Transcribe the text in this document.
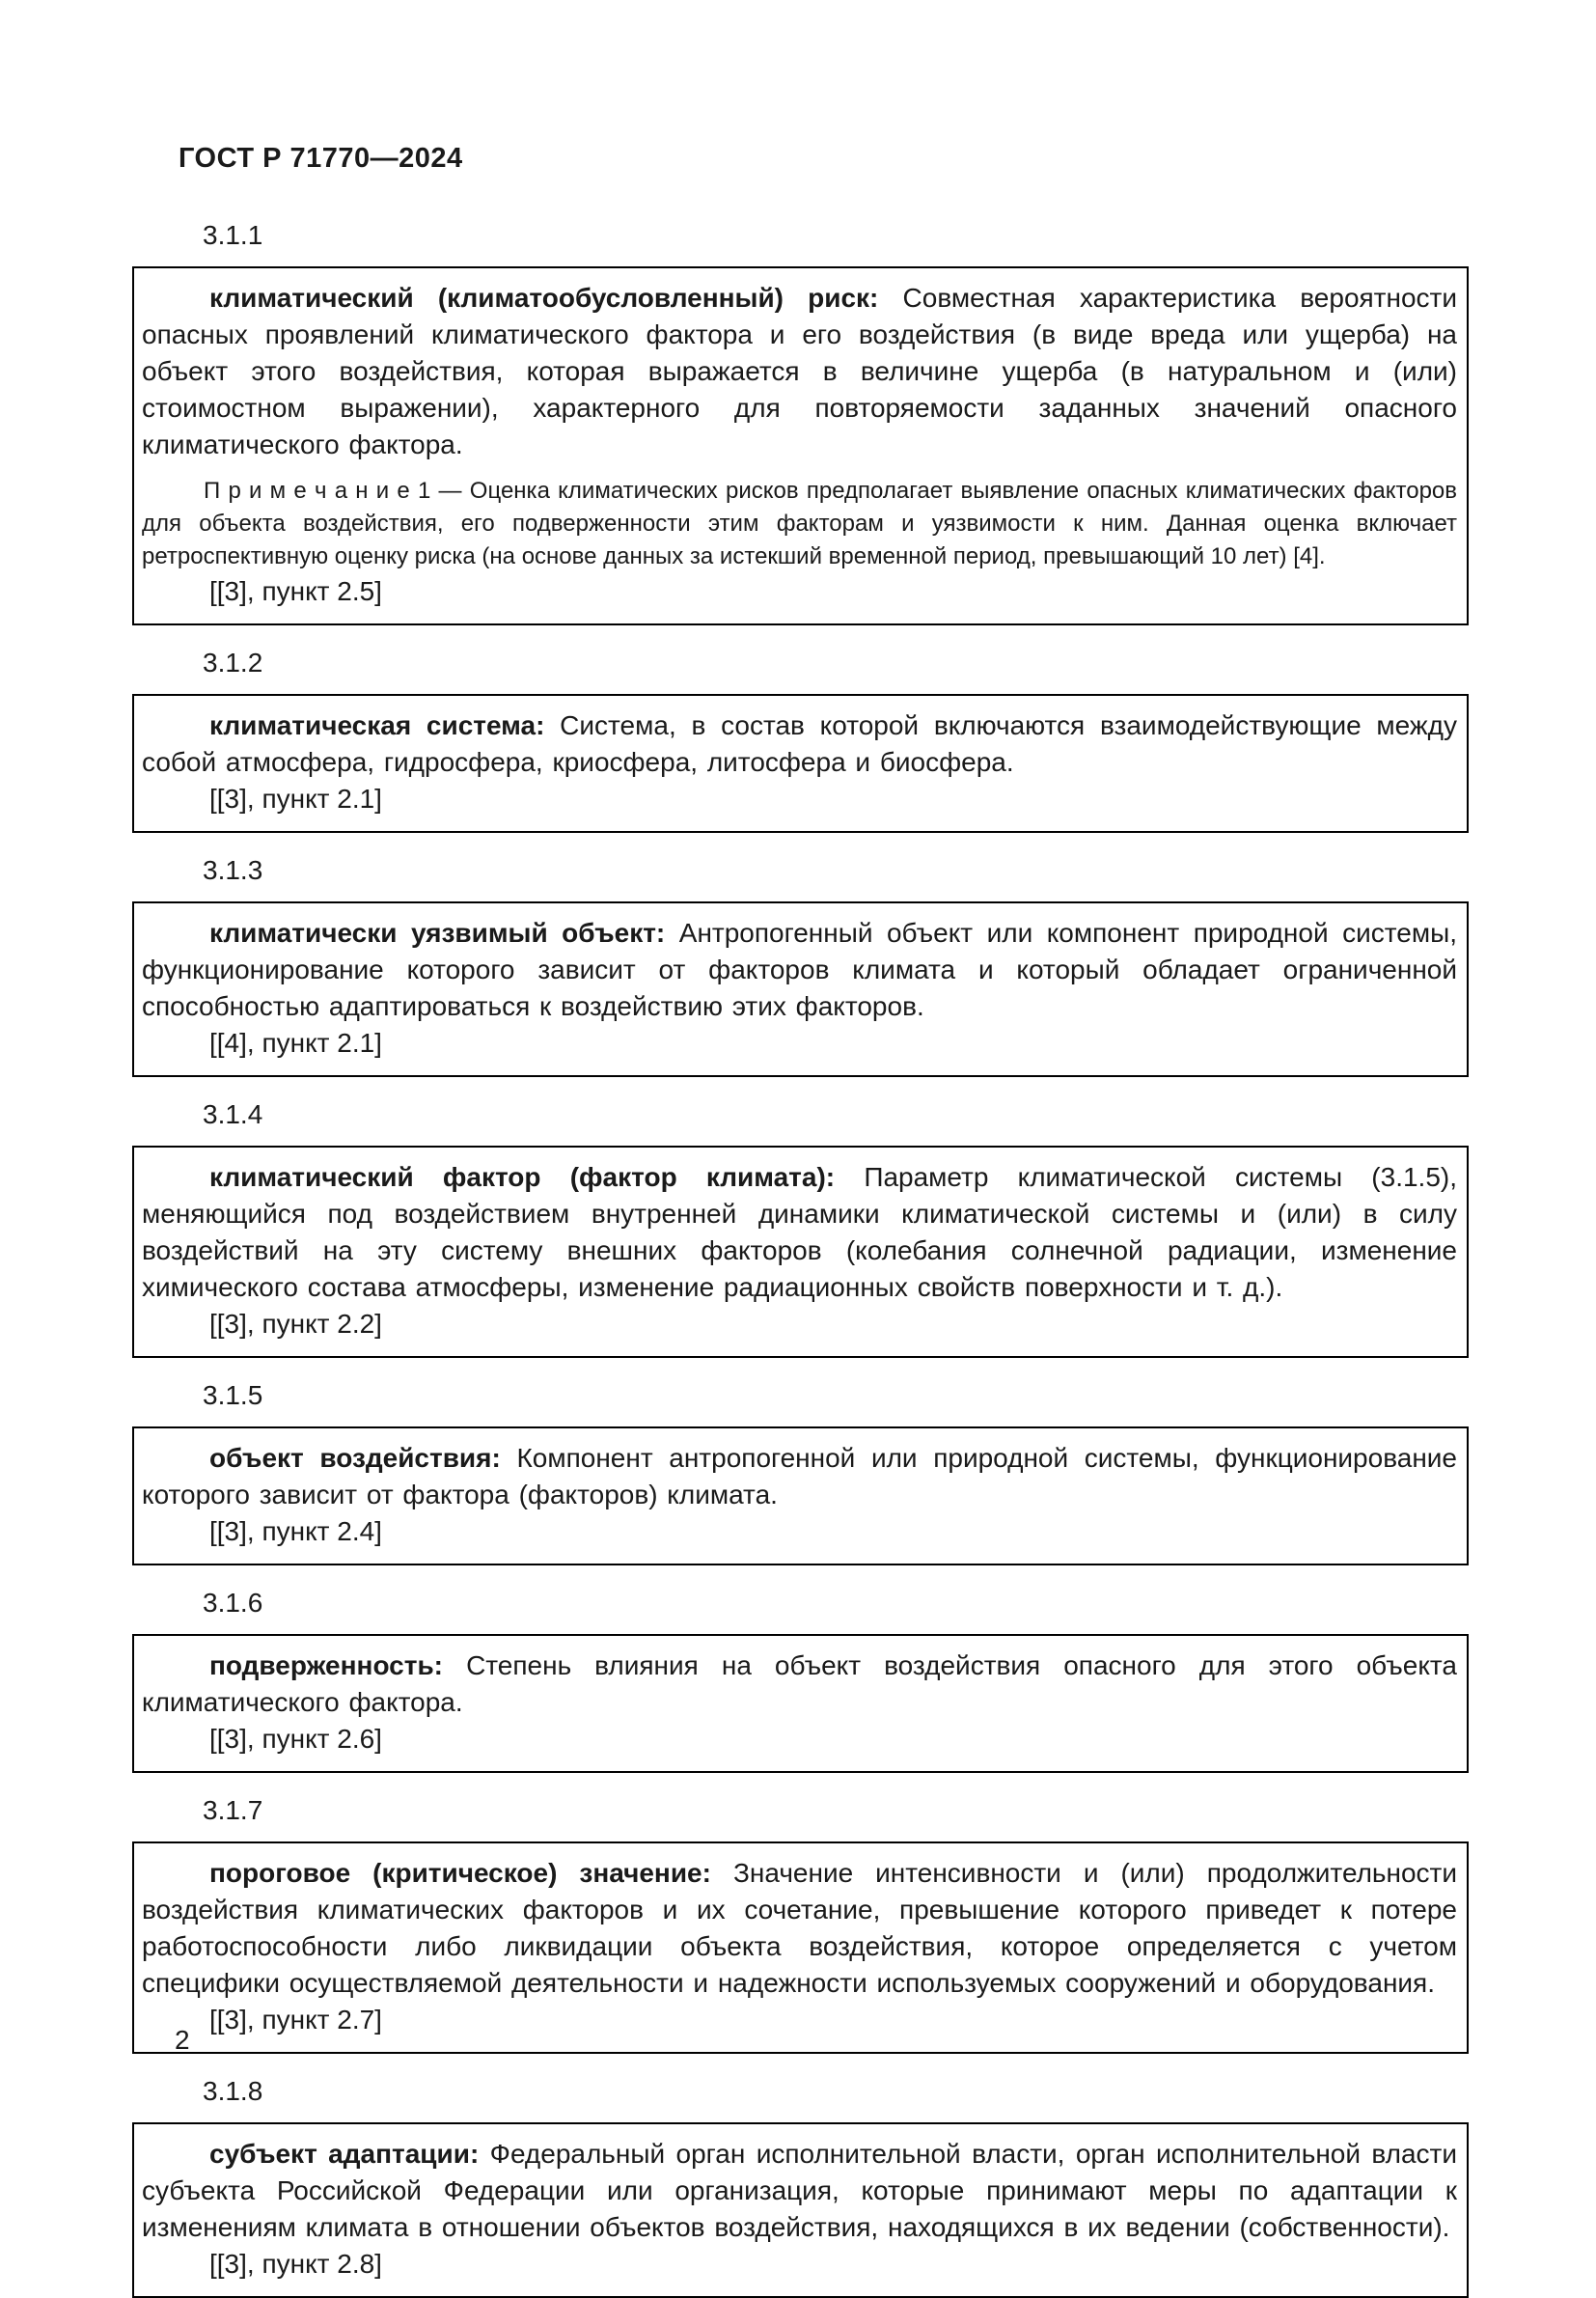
ГОСТ Р 71770—2024
3.1.1

климатический (климатообусловленный) риск: Совместная характеристика вероятности опасных проявлений климатического фактора и его воздействия (в виде вреда или ущерба) на объект этого воздействия, которая выражается в величине ущерба (в натуральном и (или) стоимостном выражении), характерного для повторяемости заданных значений опасного климатического фактора.

П р и м е ч а н и е 1 — Оценка климатических рисков предполагает выявление опасных климатических факторов для объекта воздействия, его подверженности этим факторам и уязвимости к ним. Данная оценка включает ретроспективную оценку риска (на основе данных за истекший временной период, превышающий 10 лет) [4].

[[3], пункт 2.5]

3.1.2

климатическая система: Система, в состав которой включаются взаимодействующие между собой атмосфера, гидросфера, криосфера, литосфера и биосфера.

[[3], пункт 2.1]

3.1.3

климатически уязвимый объект: Антропогенный объект или компонент природной системы, функционирование которого зависит от факторов климата и который обладает ограниченной способностью адаптироваться к воздействию этих факторов.

[[4], пункт 2.1]

3.1.4

климатический фактор (фактор климата): Параметр климатической системы (3.1.5), меняющийся под воздействием внутренней динамики климатической системы и (или) в силу воздействий на эту систему внешних факторов (колебания солнечной радиации, изменение химического состава атмосферы, изменение радиационных свойств поверхности и т. д.).

[[3], пункт 2.2]

3.1.5

объект воздействия: Компонент антропогенной или природной системы, функционирование которого зависит от фактора (факторов) климата.

[[3], пункт 2.4]

3.1.6

подверженность: Степень влияния на объект воздействия опасного для этого объекта климатического фактора.

[[3], пункт 2.6]

3.1.7

пороговое (критическое) значение: Значение интенсивности и (или) продолжительности воздействия климатических факторов и их сочетание, превышение которого приведет к потере работоспособности либо ликвидации объекта воздействия, которое определяется с учетом специфики осуществляемой деятельности и надежности используемых сооружений и оборудования.

[[3], пункт 2.7]

3.1.8

субъект адаптации: Федеральный орган исполнительной власти, орган исполнительной власти субъекта Российской Федерации или организация, которые принимают меры по адаптации к изменениям климата в отношении объектов воздействия, находящихся в их ведении (собственности).

[[3], пункт 2.8]

2
